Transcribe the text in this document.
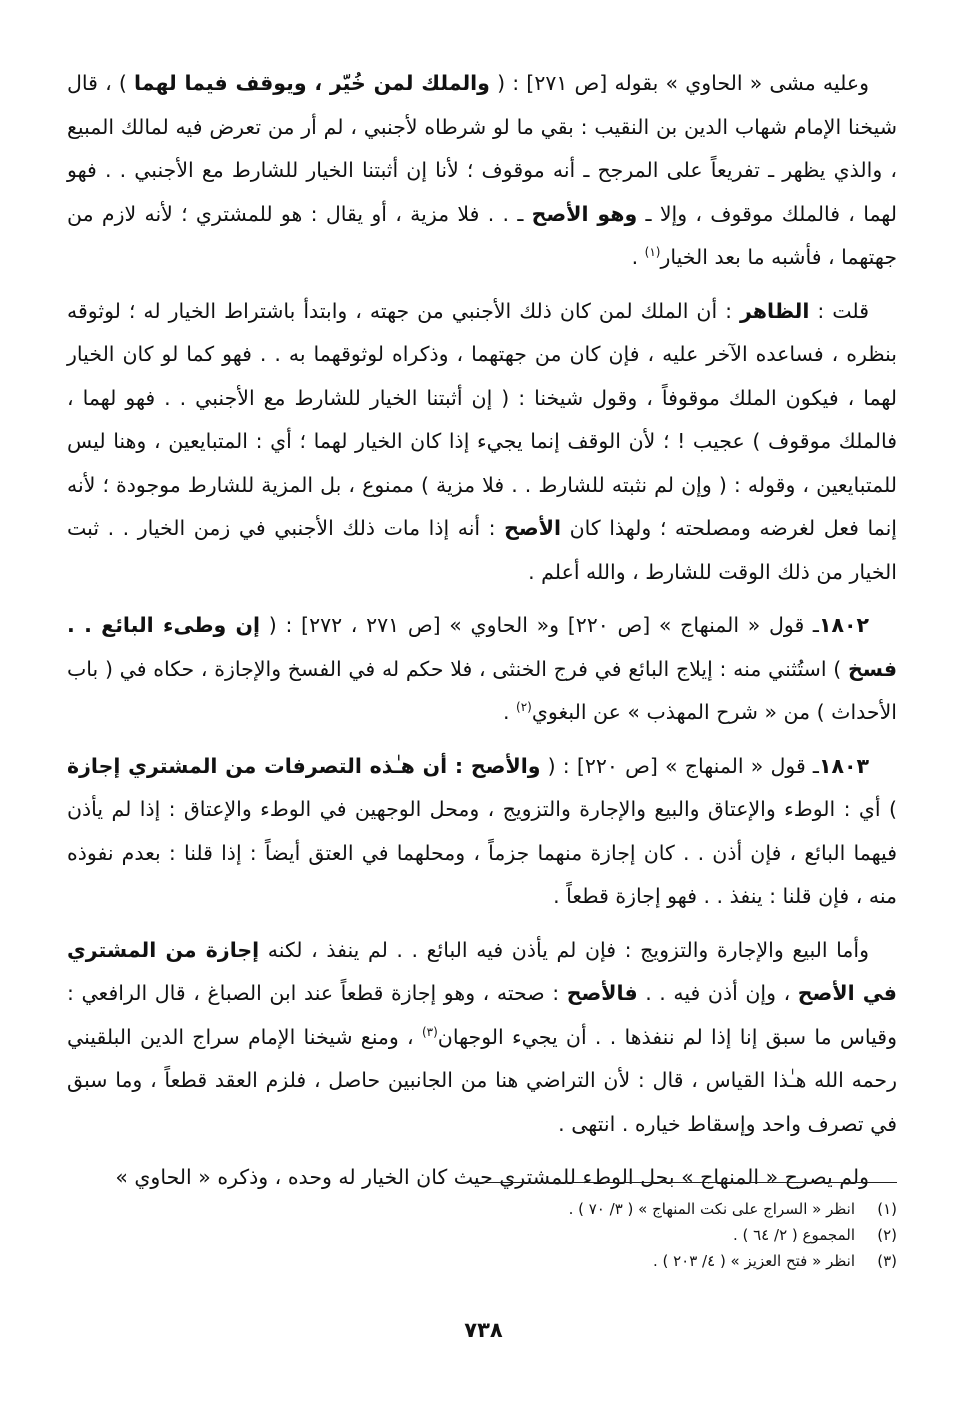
وعليه مشى « الحاوي » بقوله [ص ٢٧١] : ( والملك لمن خُيّر ، ويوقف فيما لهما ) ، قال شيخنا الإمام شهاب الدين بن النقيب : بقي ما لو شرطاه لأجنبي ، لم أر من تعرض فيه لمالك المبيع ، والذي يظهر ـ تفريعاً على المرجح ـ أنه موقوف ؛ لأنا إن أثبتنا الخيار للشارط مع الأجنبي . . فهو لهما ، فالملك موقوف ، وإلا ـ وهو الأصح ـ . . فلا مزية ، أو يقال : هو للمشتري ؛ لأنه لازم من جهتهما ، فأشبه ما بعد الخيار$^{(١)}$ .

قلت : الظاهر : أن الملك لمن كان ذلك الأجنبي من جهته ، وابتدأ باشتراط الخيار له ؛ لوثوقه بنظره ، فساعده الآخر عليه ، فإن كان من جهتهما ، وذكراه لوثوقهما به . . فهو كما لو كان الخيار لهما ، فيكون الملك موقوفاً ، وقول شيخنا : ( إن أثبتنا الخيار للشارط مع الأجنبي . . فهو لهما ، فالملك موقوف ) عجيب ! ؛ لأن الوقف إنما يجيء إذا كان الخيار لهما ؛ أي : المتبايعين ، وهنا ليس للمتبايعين ، وقوله : ( وإن لم نثبته للشارط . . فلا مزية ) ممنوع ، بل المزية للشارط موجودة ؛ لأنه إنما فعل لغرضه ومصلحته ؛ ولهذا كان الأصح : أنه إذا مات ذلك الأجنبي في زمن الخيار . . ثبت الخيار من ذلك الوقت للشارط ، والله أعلم .

١٨٠٢ـ قول « المنهاج » [ص ٢٢٠] و« الحاوي » [ص ٢٧١ ، ٢٧٢] : ( إن وطىء البائع . . فسخ ) استُثني منه : إيلاج البائع في فرج الخنثى ، فلا حكم له في الفسخ والإجازة ، حكاه في ( باب الأحداث ) من « شرح المهذب » عن البغوي$^{(٢)}$ .

١٨٠٣ـ قول « المنهاج » [ص ٢٢٠] : ( والأصح : أن هـٰذه التصرفات من المشتري إجازة ) أي : الوطء والإعتاق والبيع والإجارة والتزويج ، ومحل الوجهين في الوطء والإعتاق : إذا لم يأذن فيهما البائع ، فإن أذن . . كان إجازة منهما جزماً ، ومحلهما في العتق أيضاً : إذا قلنا : بعدم نفوذه منه ، فإن قلنا : ينفذ . . فهو إجازة قطعاً .

وأما البيع والإجارة والتزويج : فإن لم يأذن فيه البائع . . لم ينفذ ، لكنه إجازة من المشتري في الأصح ، وإن أذن فيه . . فالأصح : صحته ، وهو إجازة قطعاً عند ابن الصباغ ، قال الرافعي : وقياس ما سبق إنا إذا لم ننفذها . . أن يجيء الوجهان$^{(٣)}$ ، ومنع شيخنا الإمام سراج الدين البلقيني رحمه الله هـٰذا القياس ، قال : لأن التراضي هنا من الجانبين حاصل ، فلزم العقد قطعاً ، وما سبق في تصرف واحد وإسقاط خياره . انتهى .

ولم يصرح « المنهاج » بحل الوطء للمشتري حيث كان الخيار له وحده ، وذكره « الحاوي »

(١)
انظر « السراج على نكت المنهاج » ( ٣/ ٧٠ ) .
(٢)
المجموع ( ٢/ ٦٤ ) .
(٣)
انظر « فتح العزيز » ( ٤/ ٢٠٣ ) .
٧٣٨
